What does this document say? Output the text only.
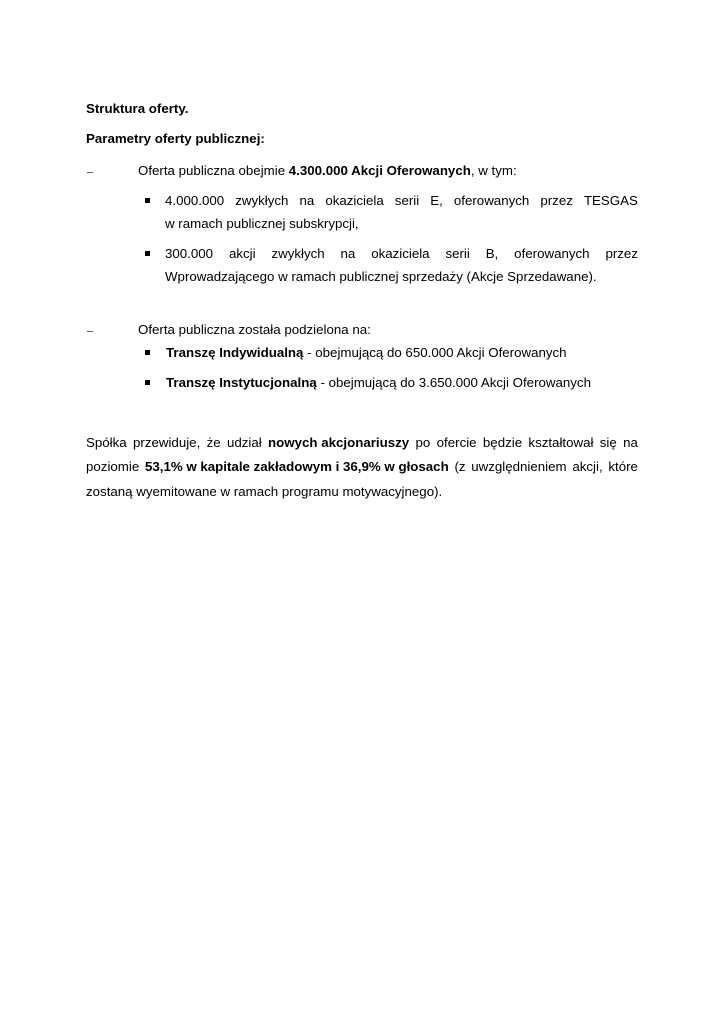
Struktura oferty.
Parametry oferty publicznej:
–	Oferta publiczna obejmie 4.300.000 Akcji Oferowanych, w tym:
4.000.000 zwykłych na okaziciela serii E, oferowanych przez TESGAS
w ramach publicznej subskrypcji,
300.000 akcji zwykłych na okaziciela serii B, oferowanych przez
Wprowadzającego w ramach publicznej sprzedaży (Akcje Sprzedawane).
–	Oferta publiczna została podzielona na:
Transzę Indywidualną - obejmującą do 650.000 Akcji Oferowanych
Transzę Instytucjonalną - obejmującą do 3.650.000 Akcji Oferowanych
Spółka przewiduje, że udział nowych akcjonariuszy po ofercie będzie kształtował się na
poziomie 53,1% w kapitale zakładowym i 36,9% w głosach (z uwzględnieniem akcji, które
zostaną wyemitowane w ramach programu motywacyjnego).
